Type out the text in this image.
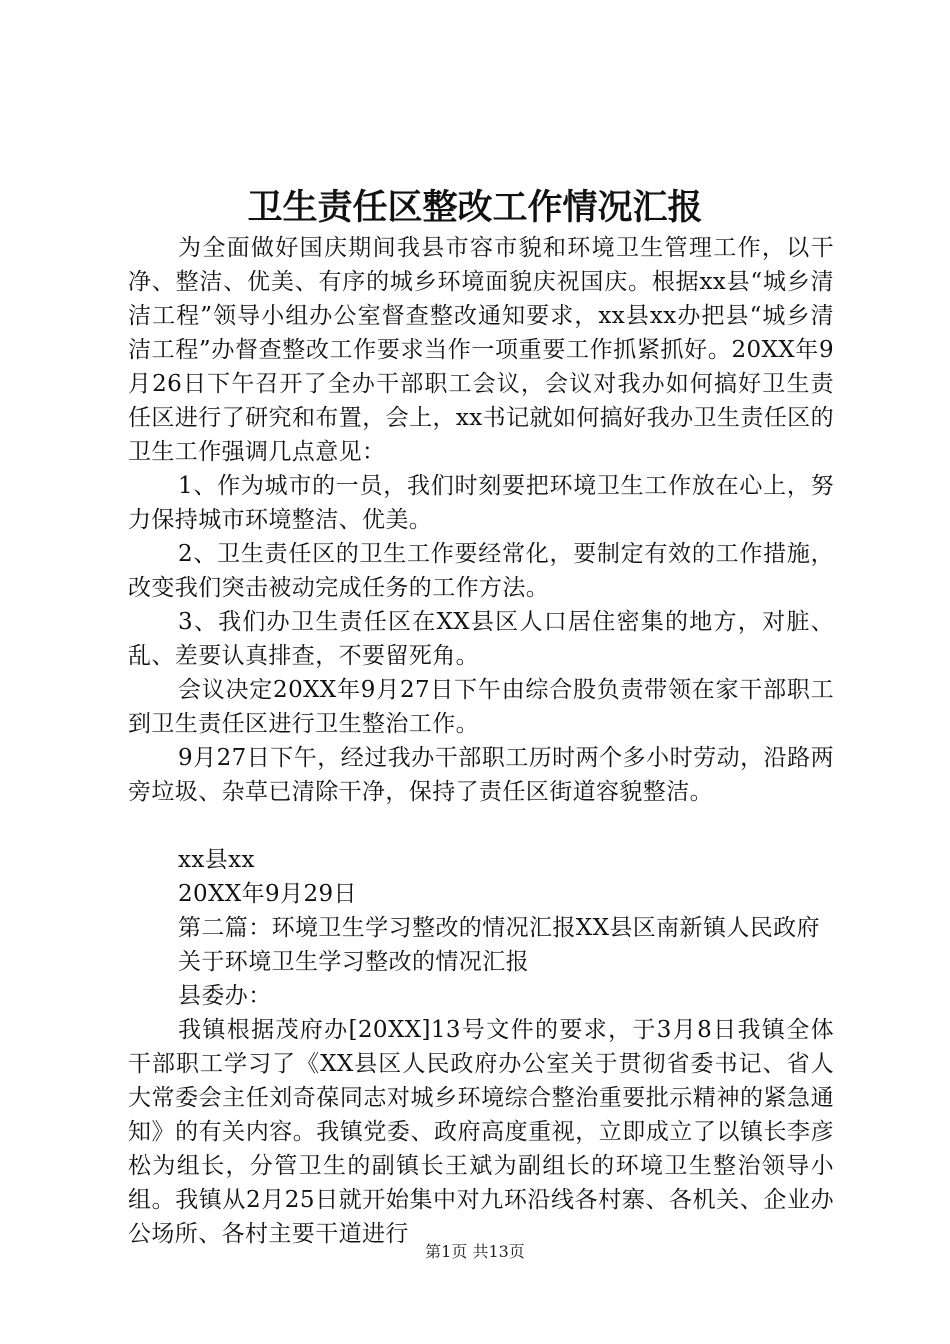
卫生责任区整改工作情况汇报

为全面做好国庆期间我县市容市貌和环境卫生管理工作，以干净、整洁、优美、有序的城乡环境面貌庆祝国庆。根据xx县“城乡清洁工程”领导小组办公室督查整改通知要求，xx县xx办把县“城乡清洁工程”办督查整改工作要求当作一项重要工作抓紧抓好。20XX年9月26日下午召开了全办干部职工会议，会议对我办如何搞好卫生责任区进行了研究和布置，会上，xx书记就如何搞好我办卫生责任区的卫生工作强调几点意见：

1、作为城市的一员，我们时刻要把环境卫生工作放在心上，努力保持城市环境整洁、优美。

2、卫生责任区的卫生工作要经常化，要制定有效的工作措施，改变我们突击被动完成任务的工作方法。

3、我们办卫生责任区在XX县区人口居住密集的地方，对脏、乱、差要认真排查，不要留死角。

会议决定20XX年9月27日下午由综合股负责带领在家干部职工到卫生责任区进行卫生整治工作。

9月27日下午，经过我办干部职工历时两个多小时劳动，沿路两旁垃圾、杂草已清除干净，保持了责任区街道容貌整洁。

xx县xx

20XX年9月29日

第二篇：环境卫生学习整改的情况汇报XX县区南新镇人民政府

关于环境卫生学习整改的情况汇报

县委办：

我镇根据茂府办[20XX]13号文件的要求，于3月8日我镇全体干部职工学习了《XX县区人民政府办公室关于贯彻省委书记、省人大常委会主任刘奇葆同志对城乡环境综合整治重要批示精神的紧急通知》的有关内容。我镇党委、政府高度重视，立即成立了以镇长李彦松为组长，分管卫生的副镇长王斌为副组长的环境卫生整治领导小组。我镇从2月25日就开始集中对九环沿线各村寨、各机关、企业办公场所、各村主要干道进行

第1页 共13页
